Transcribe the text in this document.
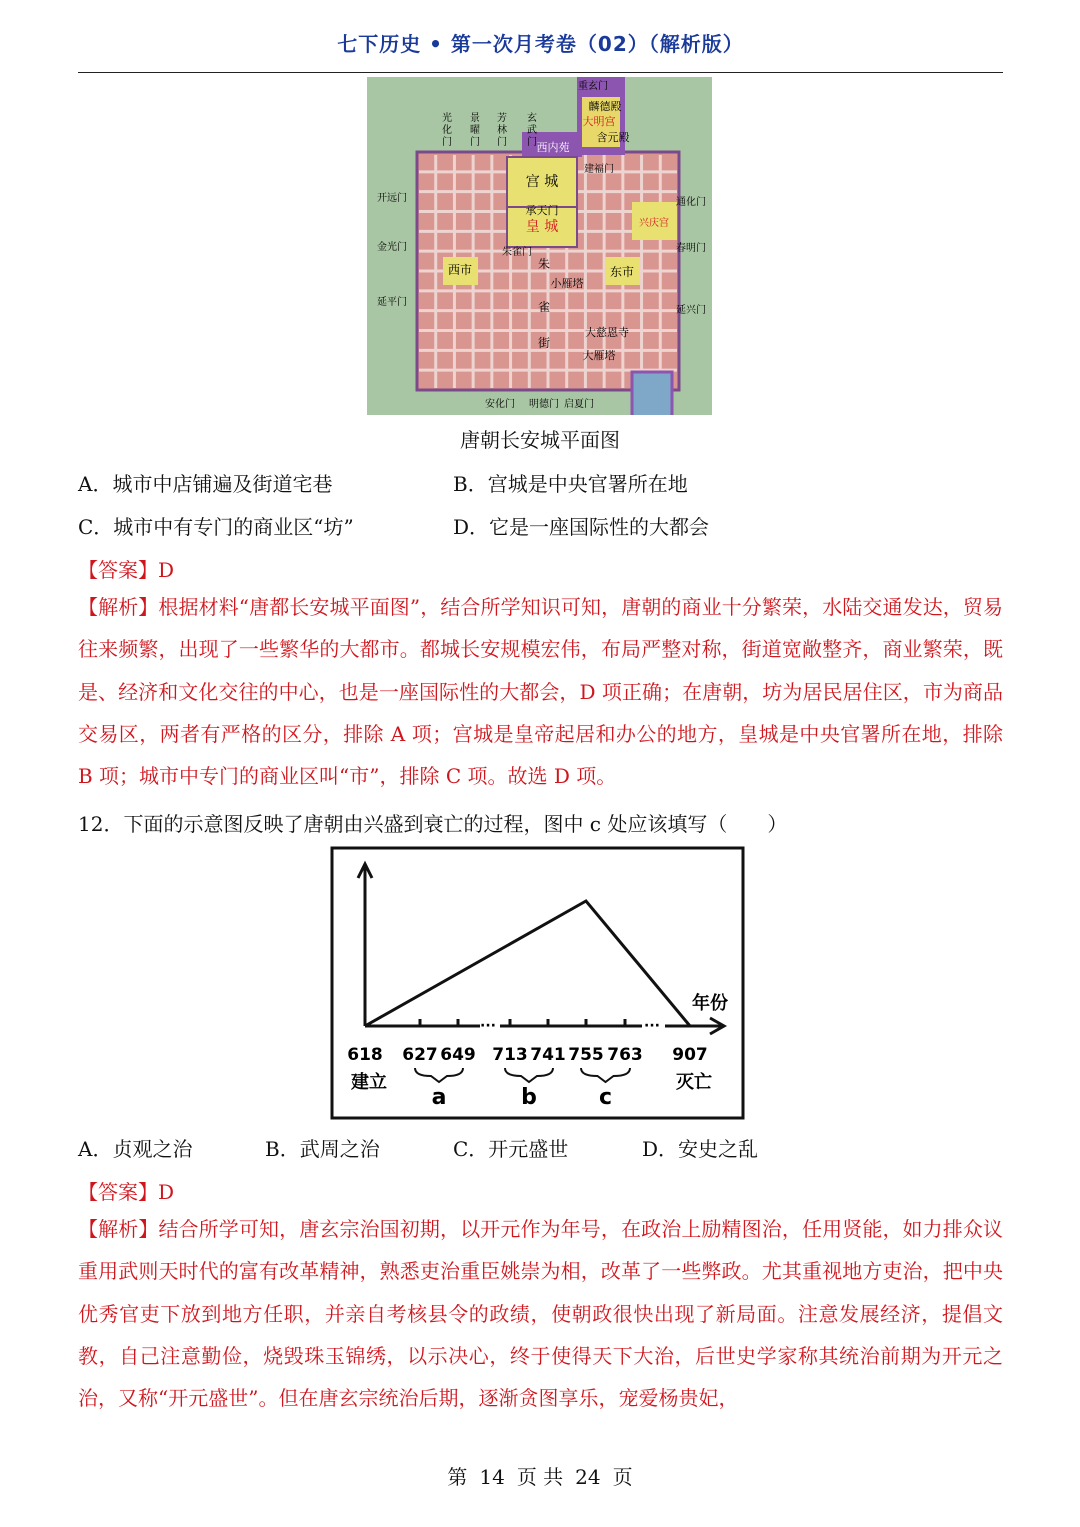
七下历史 • 第一次月考卷（02）（解析版）
重玄门
麟德殿
大明宫
含元殿
西内苑
宫 城
承天门
皇 城
朱雀门
建福门
兴庆宫
西市	东市
朱
雀
街
小雁塔
大慈恩寺
大雁塔
光
化
门
景
曜
门
芳
林
门
玄
武
门
开远门
金光门
延平门
通化门
春明门
延兴门
安化门 明德门 启夏门
唐朝长安城平面图
A．城市中店铺遍及街道宅巷	B．宫城是中央官署所在地
C．城市中有专门的商业区“坊”	D．它是一座国际性的大都会
【答案】D
【解析】根据材料“唐都长安城平面图”，结合所学知识可知，唐朝的商业十分繁荣，水陆交通发达，贸易往来频繁，出现了一些繁华的大都市。都城长安规模宏伟，布局严整对称，街道宽敞整齐，商业繁荣，既是、经济和文化交往的中心，也是一座国际性的大都会，D 项正确；在唐朝，坊为居民居住区，市为商品交易区，两者有严格的区分，排除 A 项；宫城是皇帝起居和办公的地方，皇城是中央官署所在地，排除 B 项；城市中专门的商业区叫“市”，排除 C 项。故选 D 项。
12．下面的示意图反映了唐朝由兴盛到衰亡的过程，图中 c 处应该填写（　　）
···	···
年份
618 627 649 713 741 755 763 907
建立	灭亡
a	b	c
A．贞观之治	B．武周之治	C．开元盛世	D．安史之乱
【答案】D
【解析】结合所学可知，唐玄宗治国初期，以开元作为年号，在政治上励精图治，任用贤能，如力排众议重用武则天时代的富有改革精神，熟悉吏治重臣姚崇为相，改革了一些弊政。尤其重视地方吏治，把中央优秀官吏下放到地方任职，并亲自考核县令的政绩，使朝政很快出现了新局面。注意发展经济，提倡文教，自己注意勤俭，烧毁珠玉锦绣，以示决心，终于使得天下大治，后世史学家称其统治前期为开元之治，又称“开元盛世”。但在唐玄宗统治后期，逐渐贪图享乐，宠爱杨贵妃，
第 14 页 共 24 页
